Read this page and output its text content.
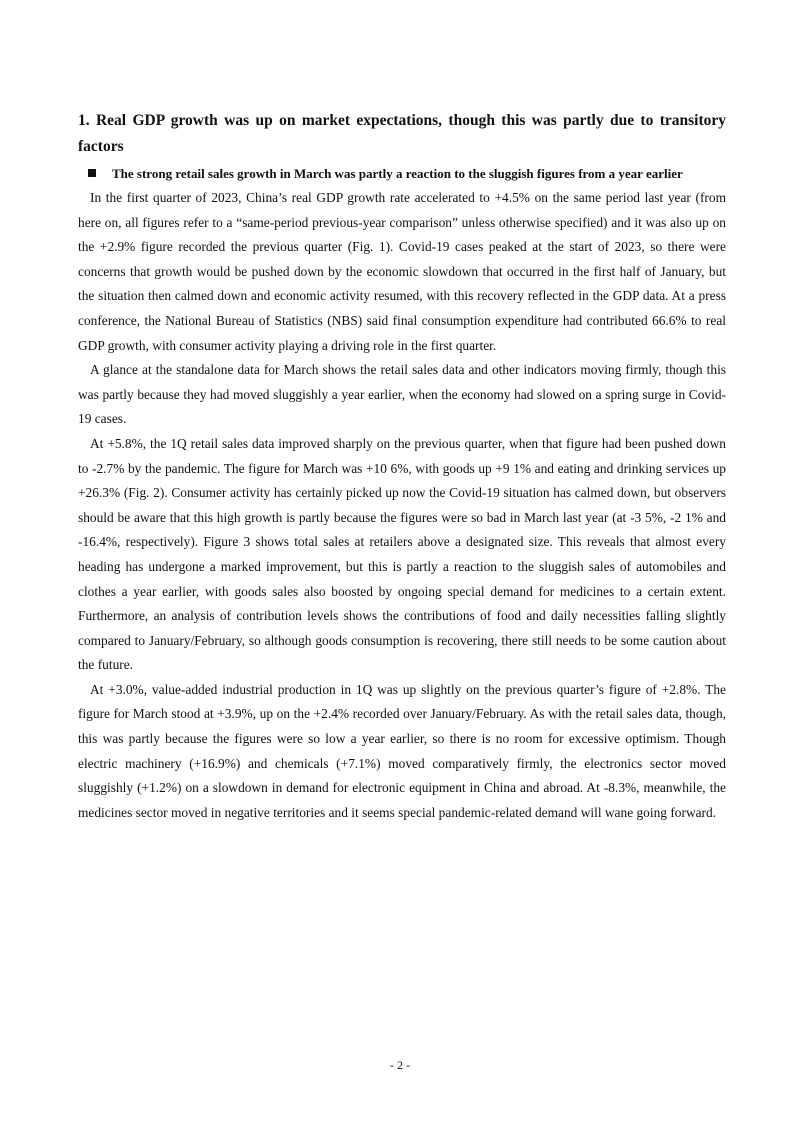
1. Real GDP growth was up on market expectations, though this was partly due to transitory factors
The strong retail sales growth in March was partly a reaction to the sluggish figures from a year earlier

In the first quarter of 2023, China’s real GDP growth rate accelerated to +4.5% on the same period last year (from here on, all figures refer to a “same-period previous-year comparison” unless otherwise specified) and it was also up on the +2.9% figure recorded the previous quarter (Fig. 1). Covid-19 cases peaked at the start of 2023, so there were concerns that growth would be pushed down by the economic slowdown that occurred in the first half of January, but the situation then calmed down and economic activity resumed, with this recovery reflected in the GDP data. At a press conference, the National Bureau of Statistics (NBS) said final consumption expenditure had contributed 66.6% to real GDP growth, with consumer activity playing a driving role in the first quarter.

A glance at the standalone data for March shows the retail sales data and other indicators moving firmly, though this was partly because they had moved sluggishly a year earlier, when the economy had slowed on a spring surge in Covid-19 cases.

At +5.8%, the 1Q retail sales data improved sharply on the previous quarter, when that figure had been pushed down to -2.7% by the pandemic. The figure for March was +10 6%, with goods up +9 1% and eating and drinking services up +26.3% (Fig. 2). Consumer activity has certainly picked up now the Covid-19 situation has calmed down, but observers should be aware that this high growth is partly because the figures were so bad in March last year (at -3 5%, -2 1% and -16.4%, respectively). Figure 3 shows total sales at retailers above a designated size. This reveals that almost every heading has undergone a marked improvement, but this is partly a reaction to the sluggish sales of automobiles and clothes a year earlier, with goods sales also boosted by ongoing special demand for medicines to a certain extent. Furthermore, an analysis of contribution levels shows the contributions of food and daily necessities falling slightly compared to January/February, so although goods consumption is recovering, there still needs to be some caution about the future.

At +3.0%, value-added industrial production in 1Q was up slightly on the previous quarter’s figure of +2.8%. The figure for March stood at +3.9%, up on the +2.4% recorded over January/February. As with the retail sales data, though, this was partly because the figures were so low a year earlier, so there is no room for excessive optimism. Though electric machinery (+16.9%) and chemicals (+7.1%) moved comparatively firmly, the electronics sector moved sluggishly (+1.2%) on a slowdown in demand for electronic equipment in China and abroad. At -8.3%, meanwhile, the medicines sector moved in negative territories and it seems special pandemic-related demand will wane going forward.

- 2 -
